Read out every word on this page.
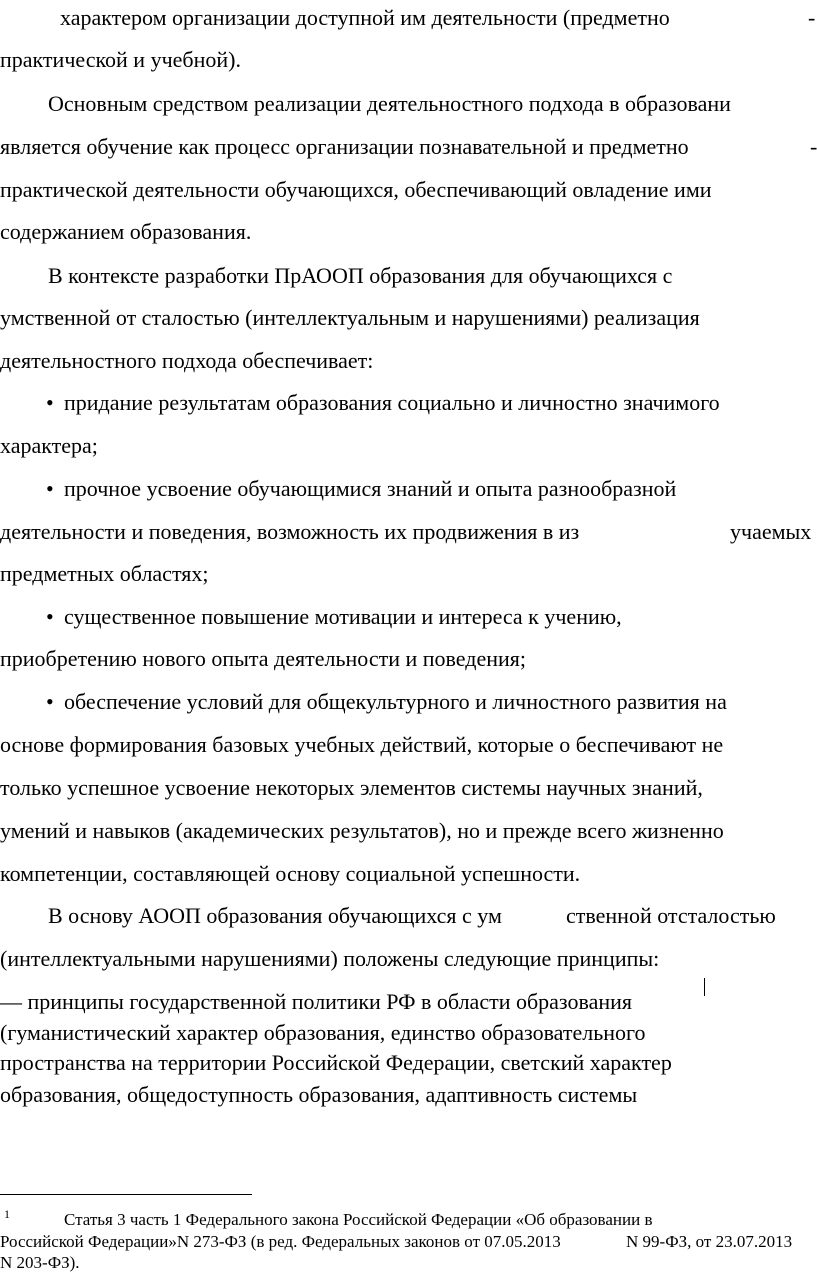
характером организации доступной им деятельности (предметно	-

практической и учебной).

Основным средством реализации деятельностного подхода в образовани

является обучение как процесс организации познавательной и предметно	-

практической деятельности обучающихся, обеспечивающий овладение ими

содержанием образования.

В контексте разработки ПрАООП образования для обучающихся с

умственной от сталостью (интеллектуальным и нарушениями) реализация

деятельностного подхода обеспечивает:

• придание результатам образования социально и личностно значимого

характера;

• прочное усвоение обучающимися знаний и опыта разнообразной

деятельности и поведения, возможность их продвижения в из	учаемых

предметных областях;

• существенное повышение мотивации и интереса к учению,

приобретению нового опыта деятельности и поведения;

• обеспечение условий для общекультурного и личностного развития на

основе формирования базовых учебных действий, которые о беспечивают не

только успешное усвоение некоторых элементов системы научных знаний,

умений и навыков (академических результатов), но и прежде всего жизненно

компетенции, составляющей основу социальной успешности.

В основу АООП образования обучающихся с ум	ственной отсталостью

(интеллектуальными нарушениями) положены следующие принципы:

— принципы государственной политики РФ в области образования

(гуманистический характер образования, единство образовательного

пространства на территории Российской Федерации, светский характер

образования, общедоступность образования, адаптивность системы

1	Статья 3 часть 1 Федерального закона Российской Федерации «Об образовании в

Российской Федерации»N 273-ФЗ (в ред. Федеральных законов от 07.05.2013	N 99-ФЗ, от 23.07.2013

N 203-ФЗ).
